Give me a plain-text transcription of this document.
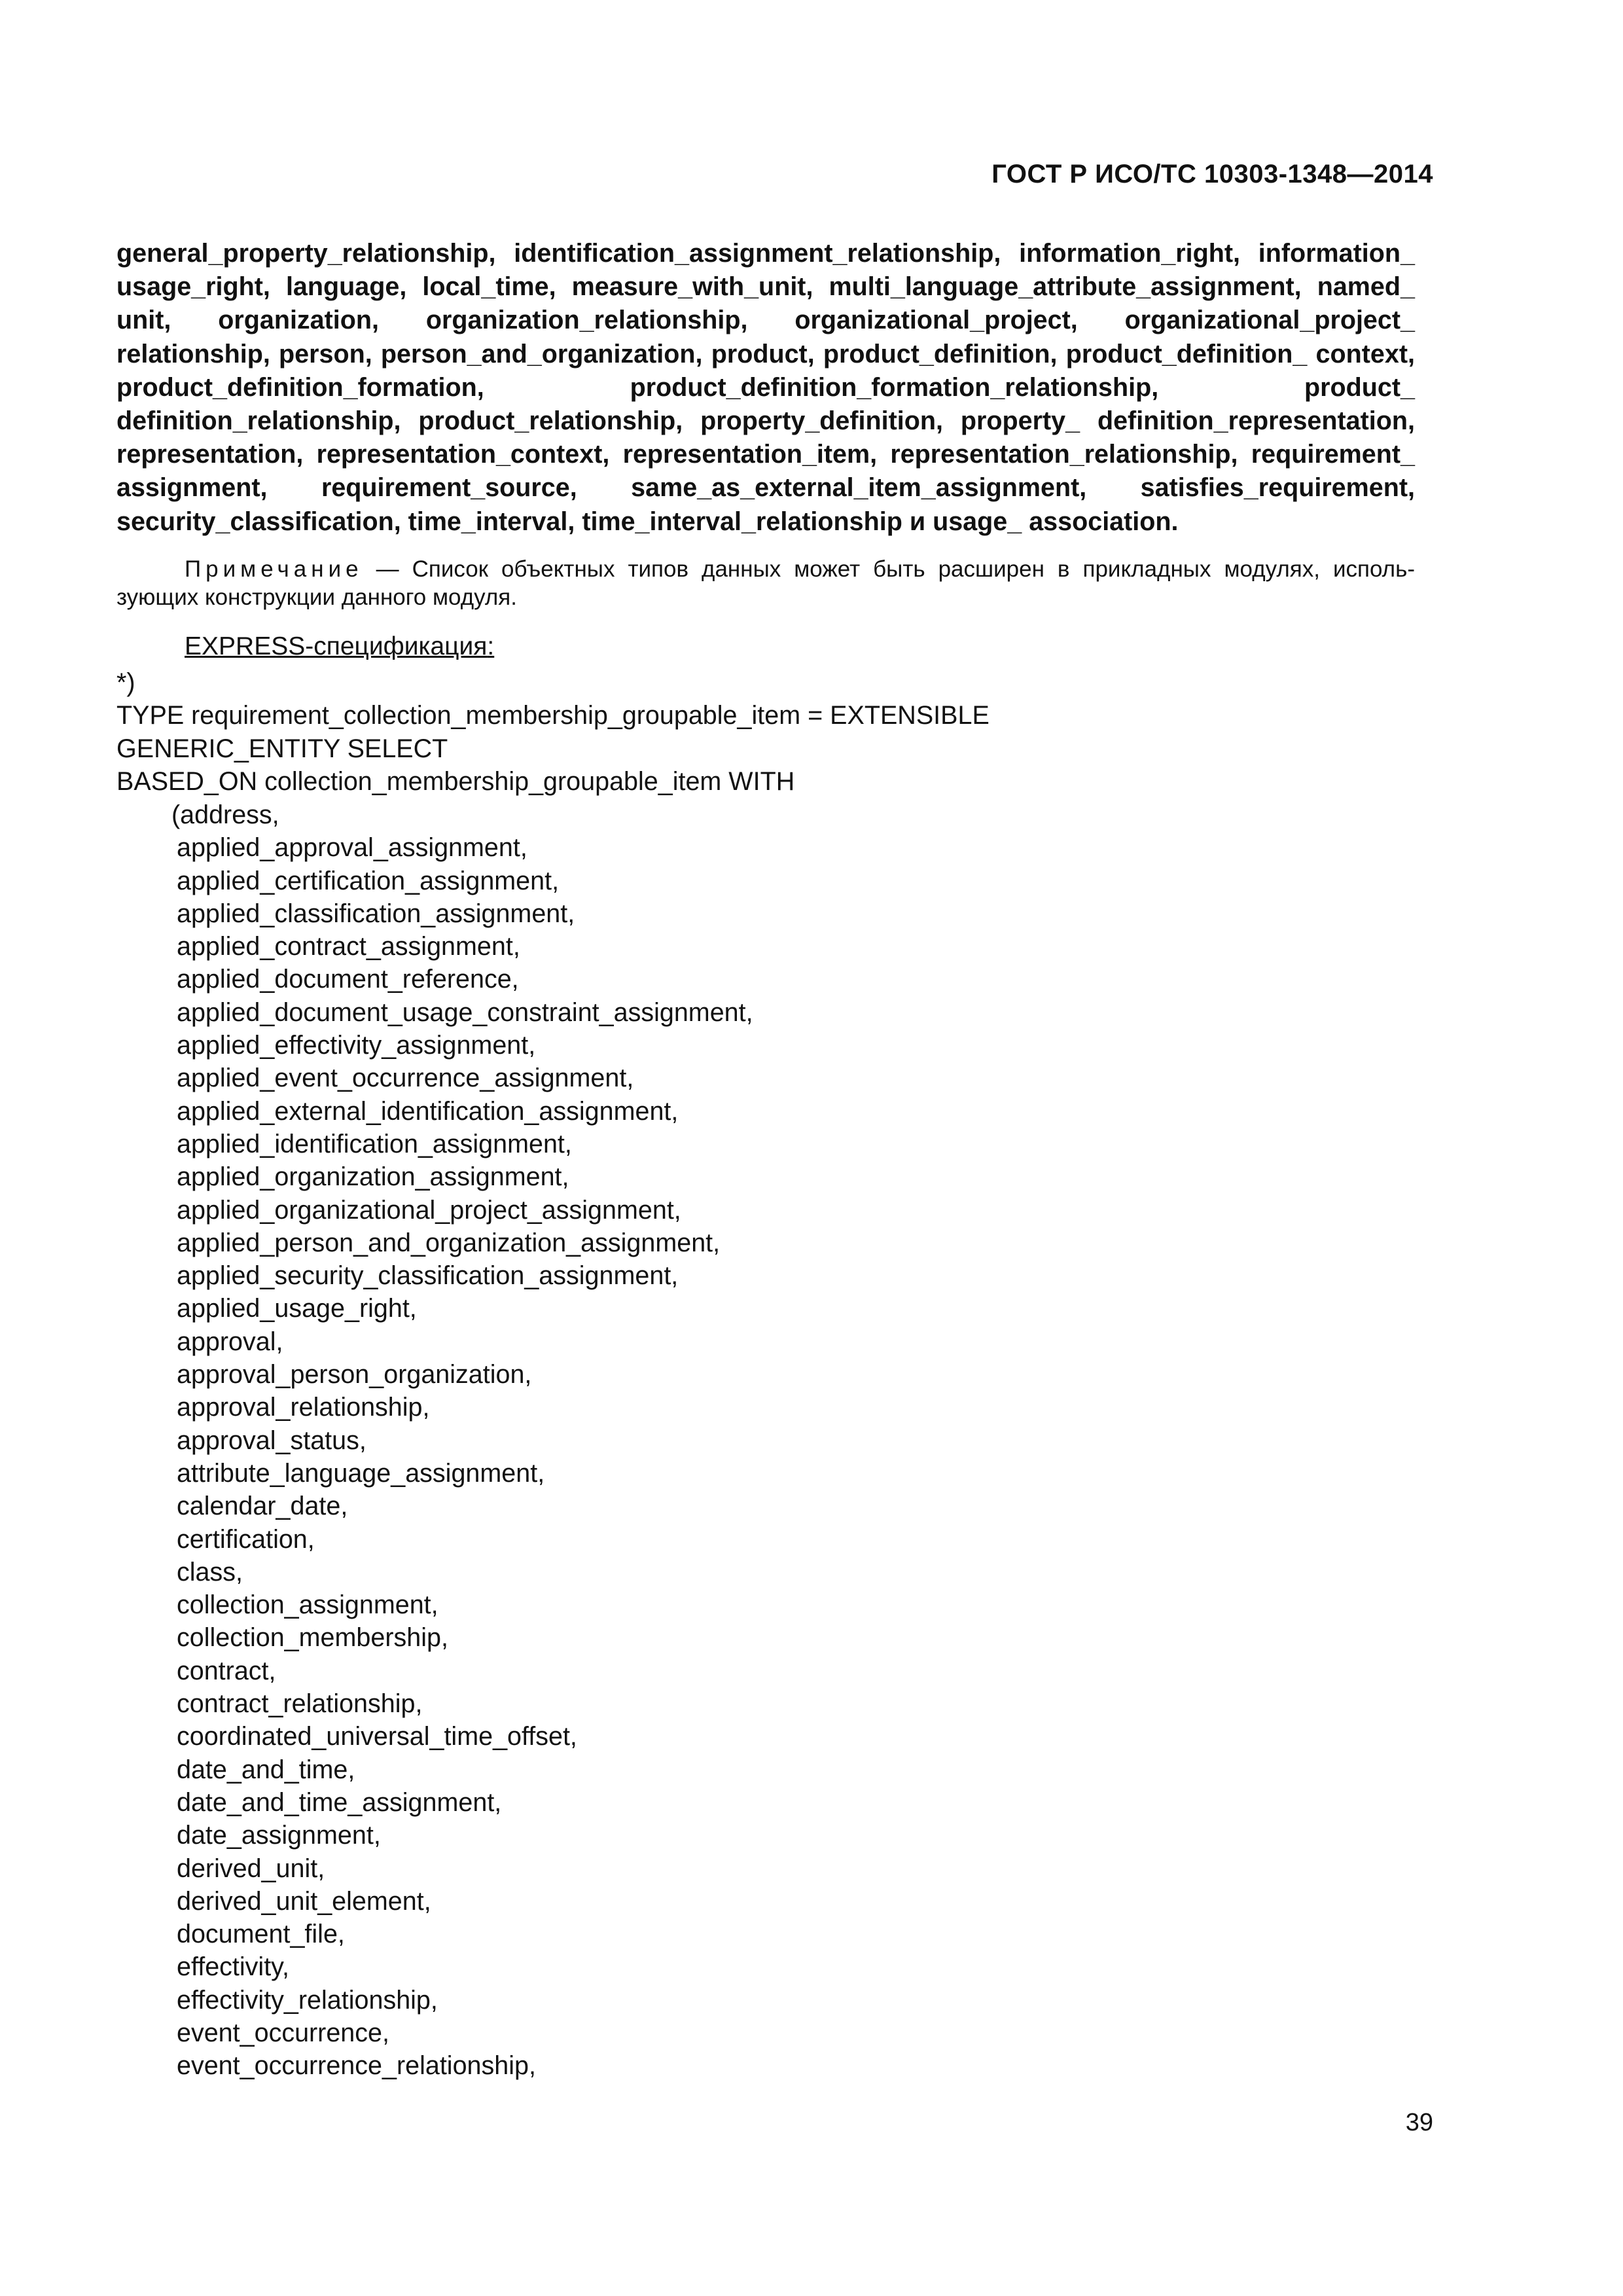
ГОСТ Р ИСО/ТС 10303-1348—2014
general_property_relationship, identification_assignment_relationship, information_right, information_ usage_right, language, local_time, measure_with_unit, multi_language_attribute_assignment, named_ unit, organization, organization_relationship, organizational_project, organizational_project_ relationship, person, person_and_organization, product, product_definition, product_definition_ context, product_definition_formation, product_definition_formation_relationship, product_ definition_relationship, product_relationship, property_definition, property_ definition_representation, representation, representation_context, representation_item, representation_relationship, requirement_ assignment, requirement_source, same_as_external_item_assignment, satisfies_requirement, security_classification, time_interval, time_interval_relationship и usage_ association.
Примечание — Список объектных типов данных может быть расширен в прикладных модулях, исполь-зующих конструкции данного модуля.
EXPRESS-спецификация:
*)
TYPE requirement_collection_membership_groupable_item = EXTENSIBLE
GENERIC_ENTITY SELECT
BASED_ON collection_membership_groupable_item WITH
(address,
applied_approval_assignment,
applied_certification_assignment,
applied_classification_assignment,
applied_contract_assignment,
applied_document_reference,
applied_document_usage_constraint_assignment,
applied_effectivity_assignment,
applied_event_occurrence_assignment,
applied_external_identification_assignment,
applied_identification_assignment,
applied_organization_assignment,
applied_organizational_project_assignment,
applied_person_and_organization_assignment,
applied_security_classification_assignment,
applied_usage_right,
approval,
approval_person_organization,
approval_relationship,
approval_status,
attribute_language_assignment,
calendar_date,
certification,
class,
collection_assignment,
collection_membership,
contract,
contract_relationship,
coordinated_universal_time_offset,
date_and_time,
date_and_time_assignment,
date_assignment,
derived_unit,
derived_unit_element,
document_file,
effectivity,
effectivity_relationship,
event_occurrence,
event_occurrence_relationship,
39
